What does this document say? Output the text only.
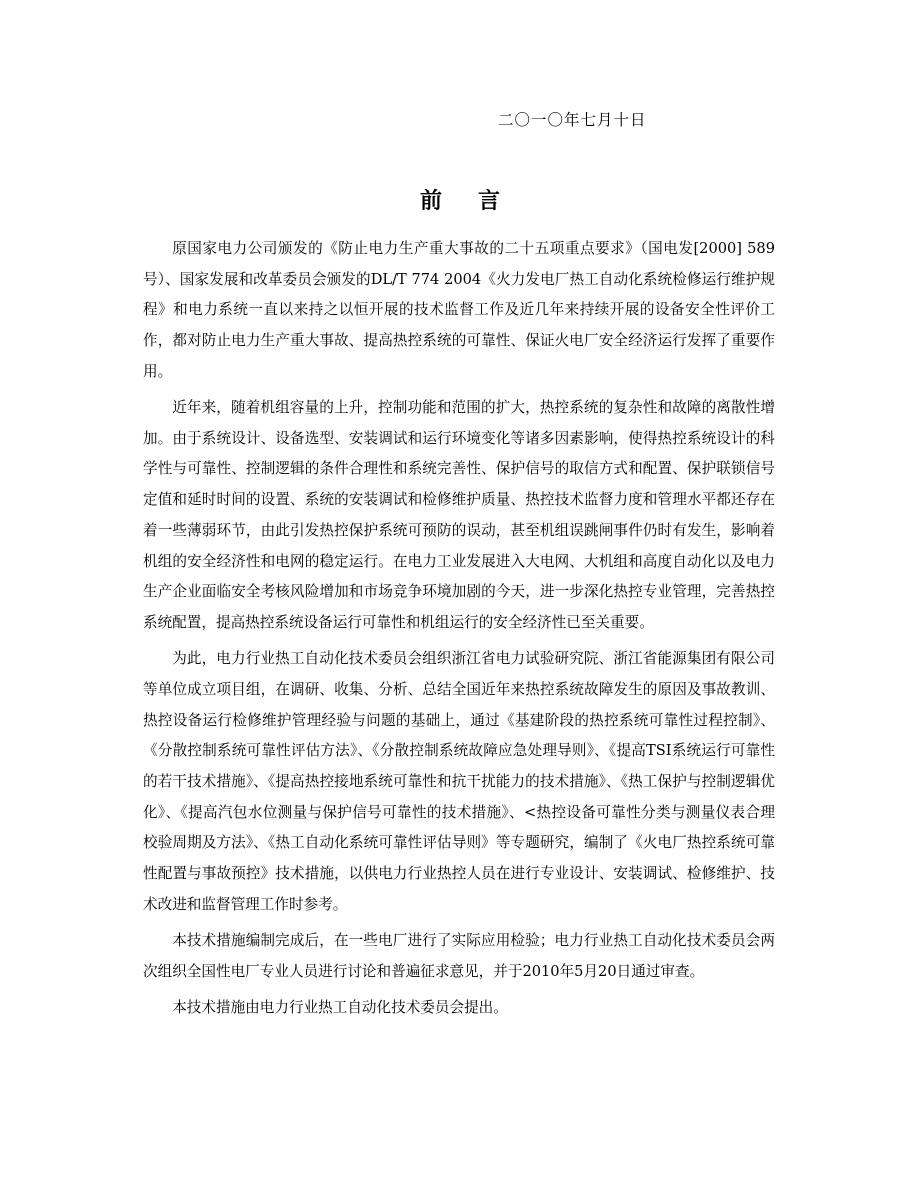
二〇一〇年七月十日
前言

原国家电力公司颁发的《防止电力生产重大事故的二十五项重点要求》（国电发[2000] 589号）、国家发展和改革委员会颁发的DL/T 774 2004《火力发电厂热工自动化系统检修运行维护规程》和电力系统一直以来持之以恒开展的技术监督工作及近几年来持续开展的设备安全性评价工作，都对防止电力生产重大事故、提高热控系统的可靠性、保证火电厂安全经济运行发挥了重要作用。

近年来，随着机组容量的上升，控制功能和范围的扩大，热控系统的复杂性和故障的离散性增加。由于系统设计、设备选型、安装调试和运行环境变化等诸多因素影响，使得热控系统设计的科学性与可靠性、控制逻辑的条件合理性和系统完善性、保护信号的取信方式和配置、保护联锁信号定值和延时时间的设置、系统的安装调试和检修维护质量、热控技术监督力度和管理水平都还存在着一些薄弱环节，由此引发热控保护系统可预防的误动，甚至机组误跳闸事件仍时有发生，影响着机组的安全经济性和电网的稳定运行。在电力工业发展进入大电网、大机组和高度自动化以及电力生产企业面临安全考核风险增加和市场竞争环境加剧的今天，进一步深化热控专业管理，完善热控系统配置，提高热控系统设备运行可靠性和机组运行的安全经济性已至关重要。

为此，电力行业热工自动化技术委员会组织浙江省电力试验研究院、浙江省能源集团有限公司等单位成立项目组，在调研、收集、分析、总结全国近年来热控系统故障发生的原因及事故教训、热控设备运行检修维护管理经验与问题的基础上，通过《基建阶段的热控系统可靠性过程控制》、《分散控制系统可靠性评估方法》、《分散控制系统故障应急处理导则》、《提高TSI系统运行可靠性的若干技术措施》、《提高热控接地系统可靠性和抗干扰能力的技术措施》、《热工保护与控制逻辑优化》、《提高汽包水位测量与保护信号可靠性的技术措施》、<热控设备可靠性分类与测量仪表合理校验周期及方法》、《热工自动化系统可靠性评估导则》等专题研究，编制了《火电厂热控系统可靠性配置与事故预控》技术措施，以供电力行业热控人员在进行专业设计、安装调试、检修维护、技术改进和监督管理工作时参考。

本技术措施编制完成后，在一些电厂进行了实际应用检验；电力行业热工自动化技术委员会两次组织全国性电厂专业人员进行讨论和普遍征求意见，并于2010年5月20日通过审查。

本技术措施由电力行业热工自动化技术委员会提出。
